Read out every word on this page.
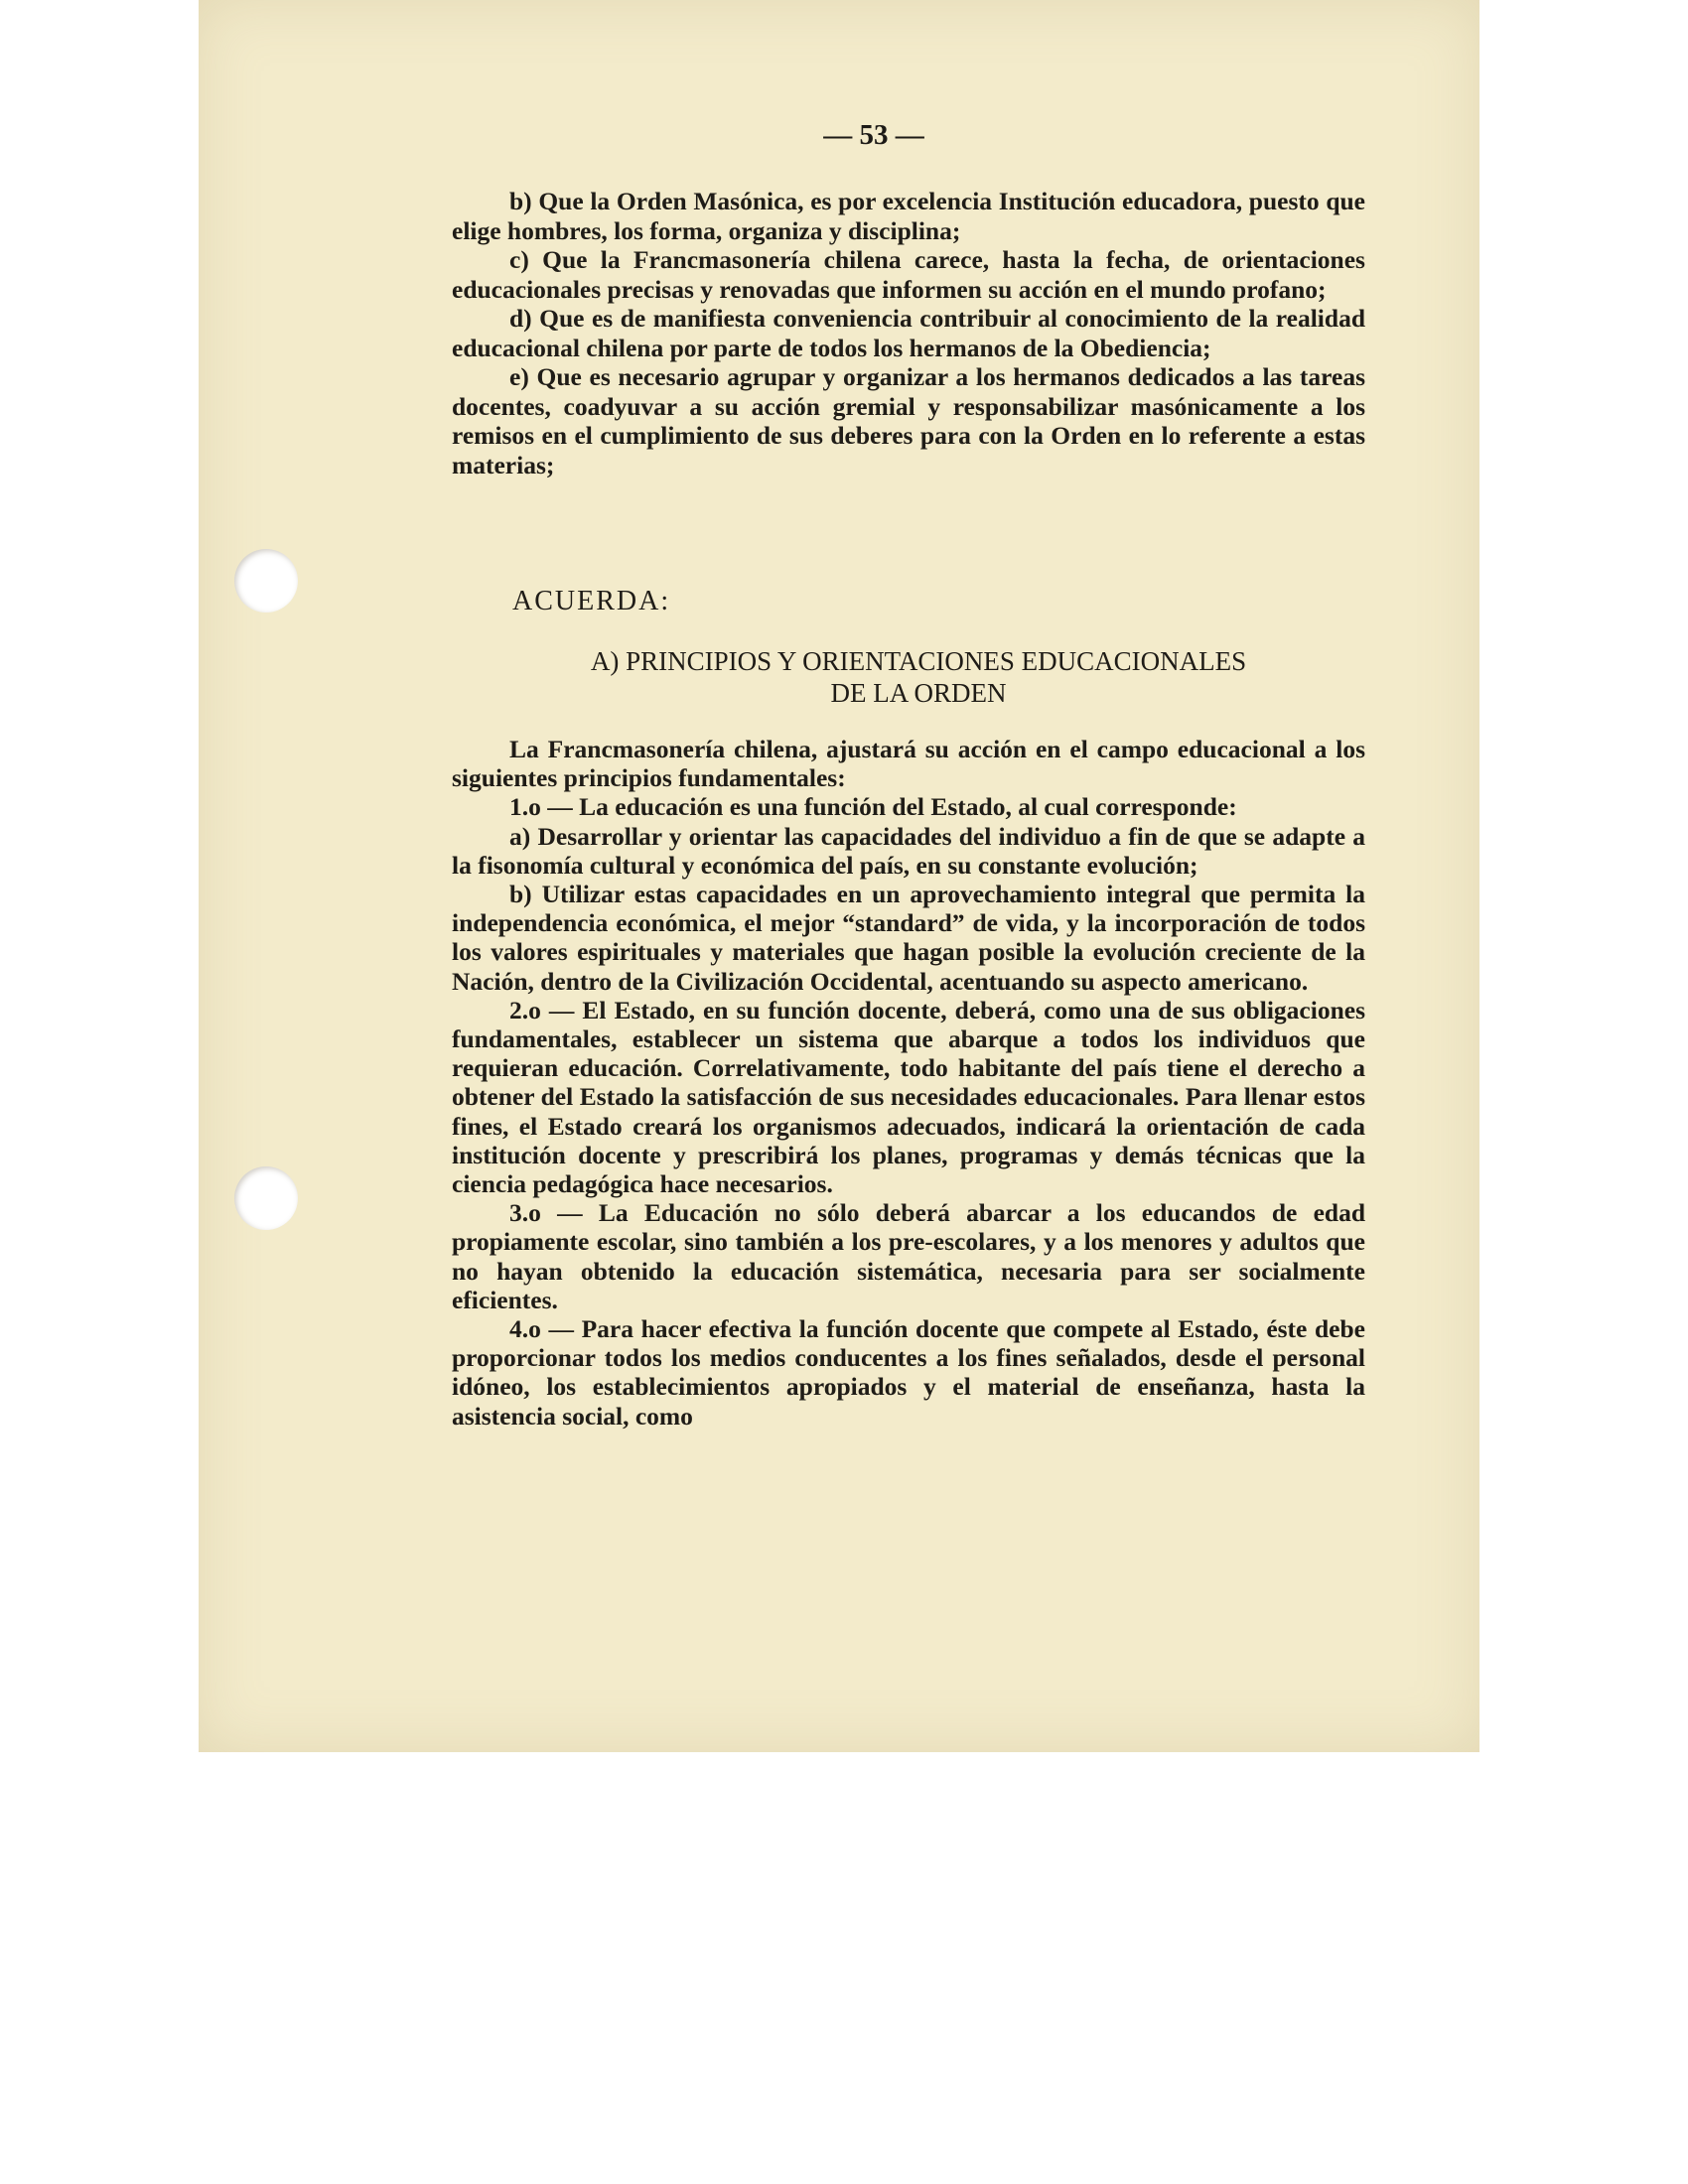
— 53 —

b) Que la Orden Masónica, es por excelencia Institución educadora, puesto que elige hombres, los forma, organiza y disciplina;

c) Que la Francmasonería chilena carece, hasta la fecha, de orientaciones educacionales precisas y renovadas que informen su acción en el mundo profano;

d) Que es de manifiesta conveniencia contribuir al conocimiento de la realidad educacional chilena por parte de todos los hermanos de la Obediencia;

e) Que es necesario agrupar y organizar a los hermanos dedicados a las tareas docentes, coadyuvar a su acción gremial y responsabilizar masónicamente a los remisos en el cumplimiento de sus deberes para con la Orden en lo referente a estas materias;

ACUERDA:
A) PRINCIPIOS Y ORIENTACIONES EDUCACIONALES
DE LA ORDEN

La Francmasonería chilena, ajustará su acción en el campo educacional a los siguientes principios fundamentales:

1.o — La educación es una función del Estado, al cual corresponde:

a) Desarrollar y orientar las capacidades del individuo a fin de que se adapte a la fisonomía cultural y económica del país, en su constante evolución;

b) Utilizar estas capacidades en un aprovechamiento integral que permita la independencia económica, el mejor “standard” de vida, y la incorporación de todos los valores espirituales y materiales que hagan posible la evolución creciente de la Nación, dentro de la Civilización Occidental, acentuando su aspecto americano.

2.o — El Estado, en su función docente, deberá, como una de sus obligaciones fundamentales, establecer un sistema que abarque a todos los individuos que requieran educación. Correlativamente, todo habitante del país tiene el derecho a obtener del Estado la satisfacción de sus necesidades educacionales. Para llenar estos fines, el Estado creará los organismos adecuados, indicará la orientación de cada institución docente y prescribirá los planes, programas y demás técnicas que la ciencia pedagógica hace necesarios.

3.o — La Educación no sólo deberá abarcar a los educandos de edad propiamente escolar, sino también a los pre-escolares, y a los menores y adultos que no hayan obtenido la educación sistemática, necesaria para ser socialmente eficientes.

4.o — Para hacer efectiva la función docente que compete al Estado, éste debe proporcionar todos los medios conducentes a los fines señalados, desde el personal idóneo, los establecimientos apropiados y el material de enseñanza, hasta la asistencia social, como
